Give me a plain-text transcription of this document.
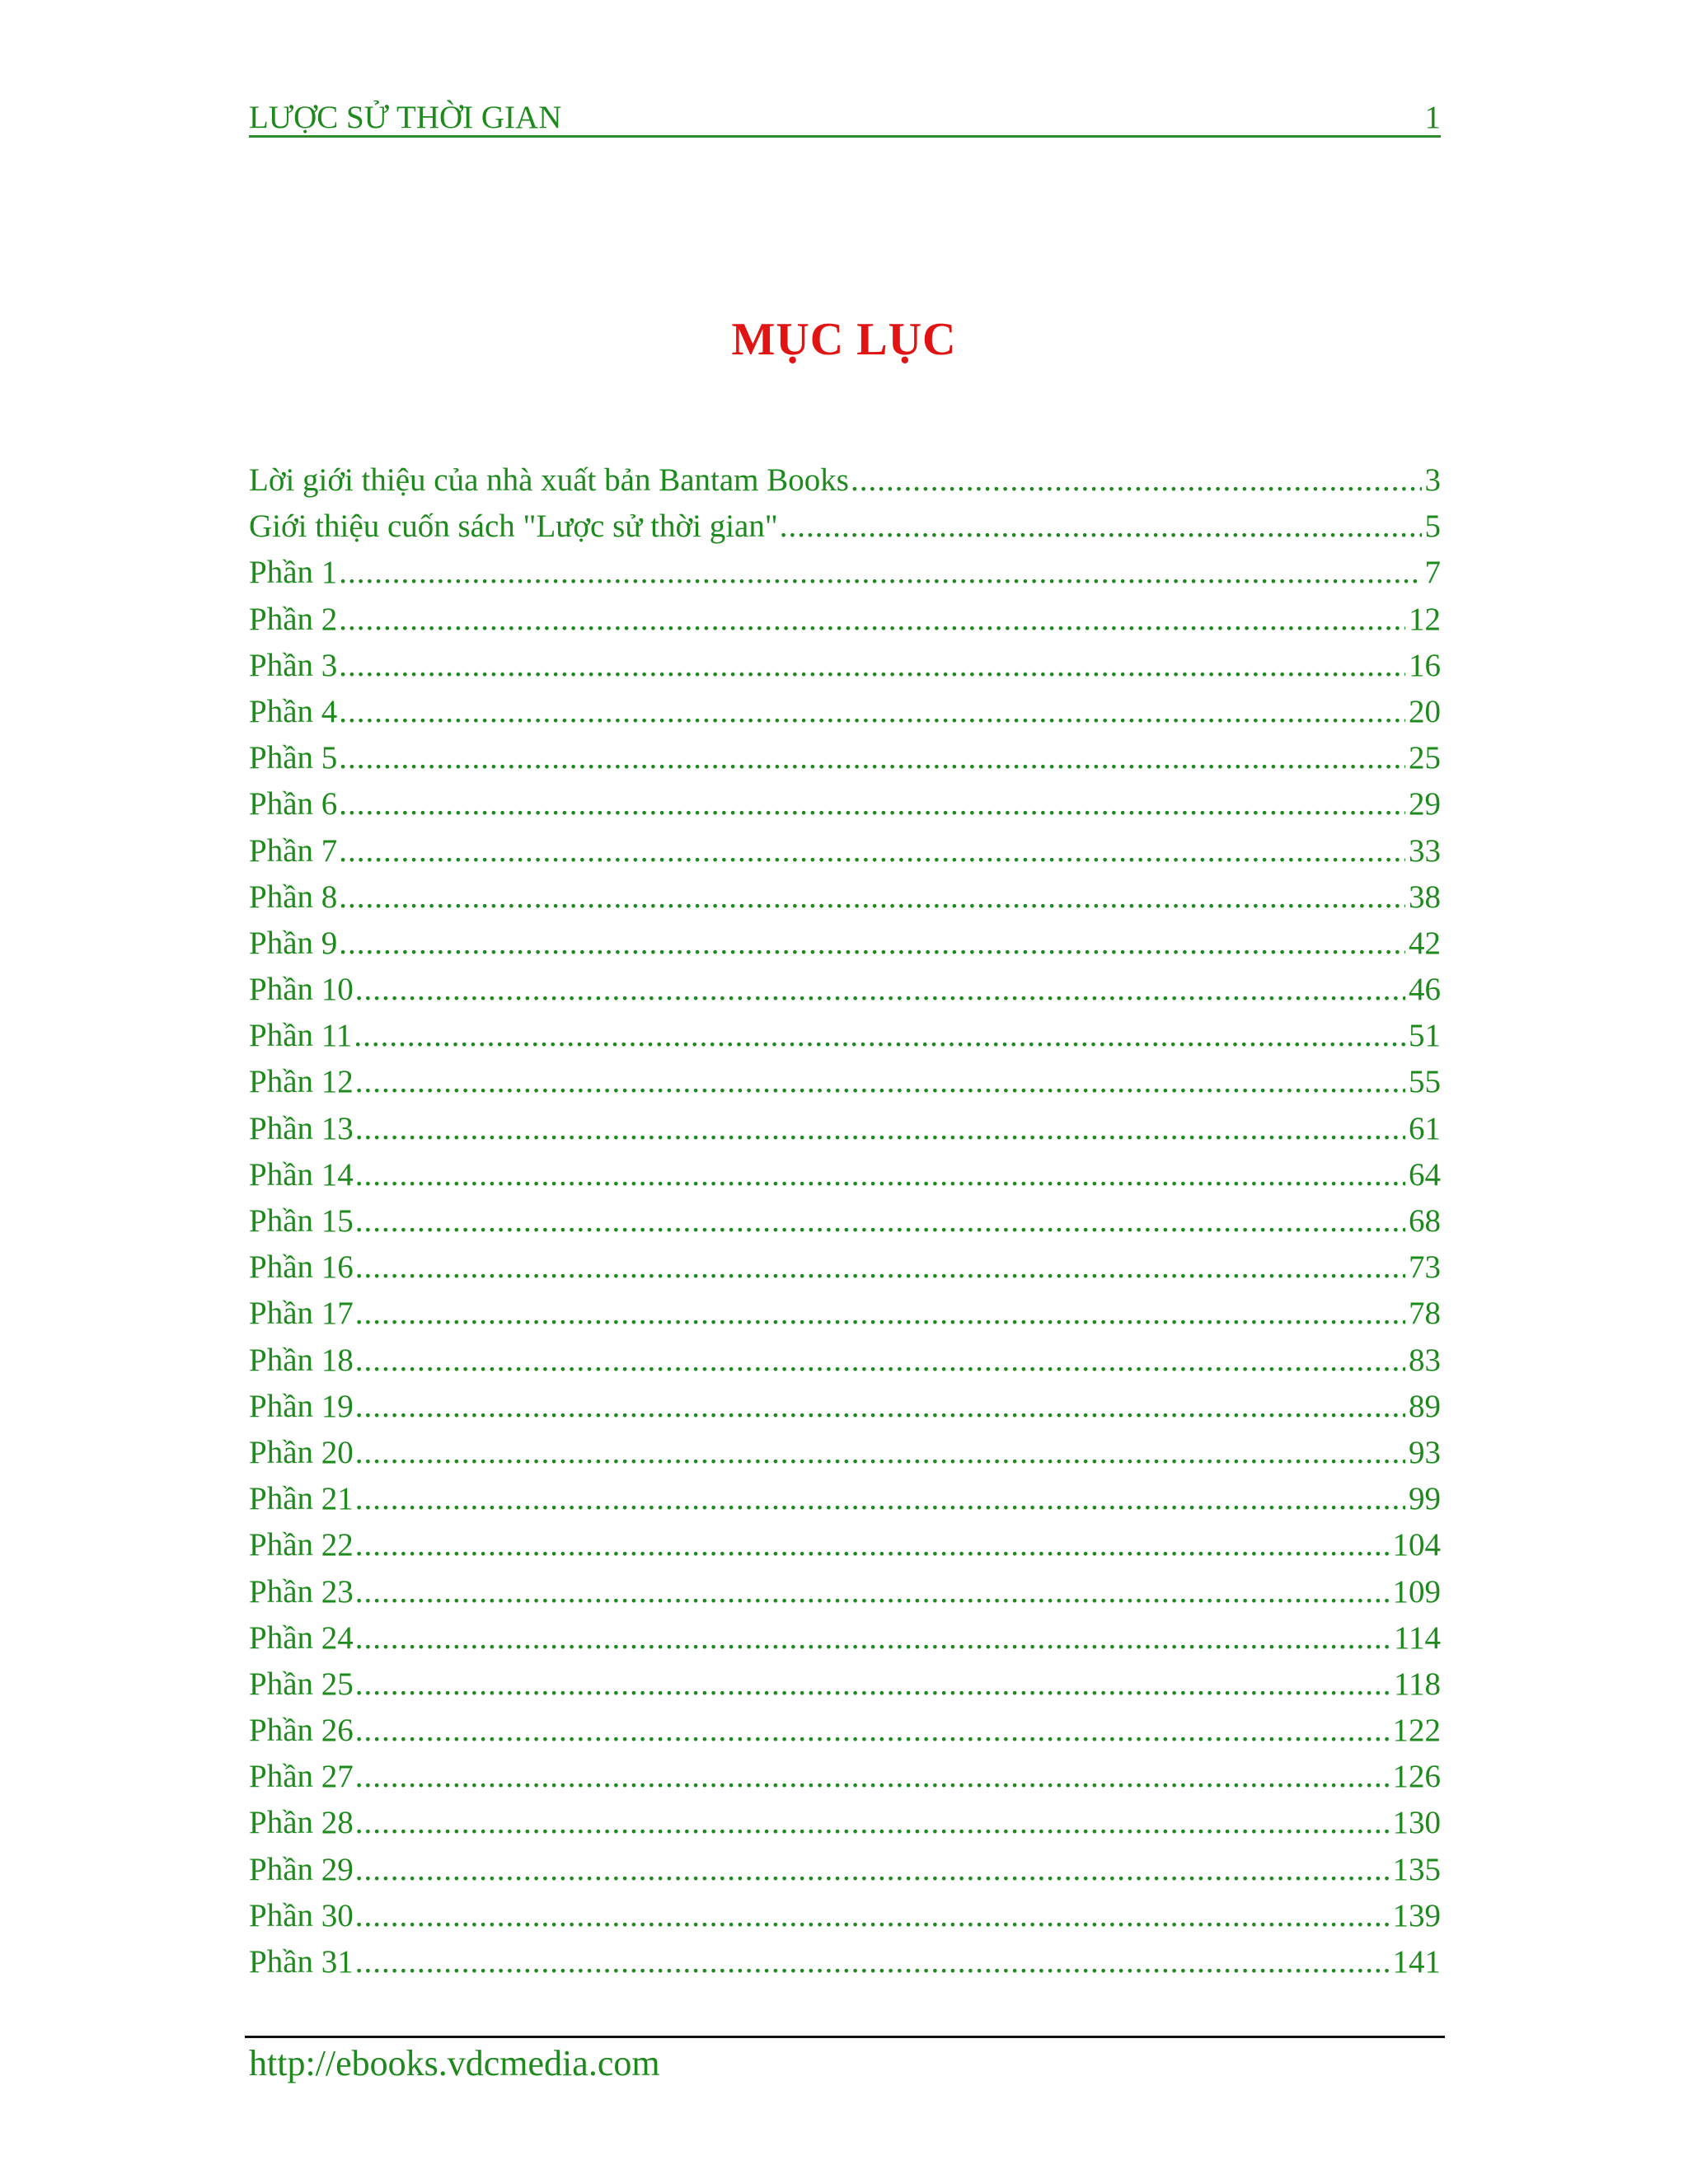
LƯỢC SỬ THỜI GIAN	1
MỤC LỤC
Lời giới thiệu của nhà xuất bản Bantam Books .....	3
Giới thiệu cuốn sách "Lược sử thời gian" .....	5
Phần 1 .....	7
Phần 2 .....	12
Phần 3 .....	16
Phần 4 .....	20
Phần 5 .....	25
Phần 6 .....	29
Phần 7 .....	33
Phần 8 .....	38
Phần 9 .....	42
Phần 10 .....	46
Phần 11 .....	51
Phần 12 .....	55
Phần 13 .....	61
Phần 14 .....	64
Phần 15 .....	68
Phần 16 .....	73
Phần 17 .....	78
Phần 18 .....	83
Phần 19 .....	89
Phần 20 .....	93
Phần 21 .....	99
Phần 22 .....	104
Phần 23 .....	109
Phần 24 .....	114
Phần 25 .....	118
Phần 26 .....	122
Phần 27 .....	126
Phần 28 .....	130
Phần 29 .....	135
Phần 30 .....	139
Phần 31 .....	141
http://ebooks.vdcmedia.com
